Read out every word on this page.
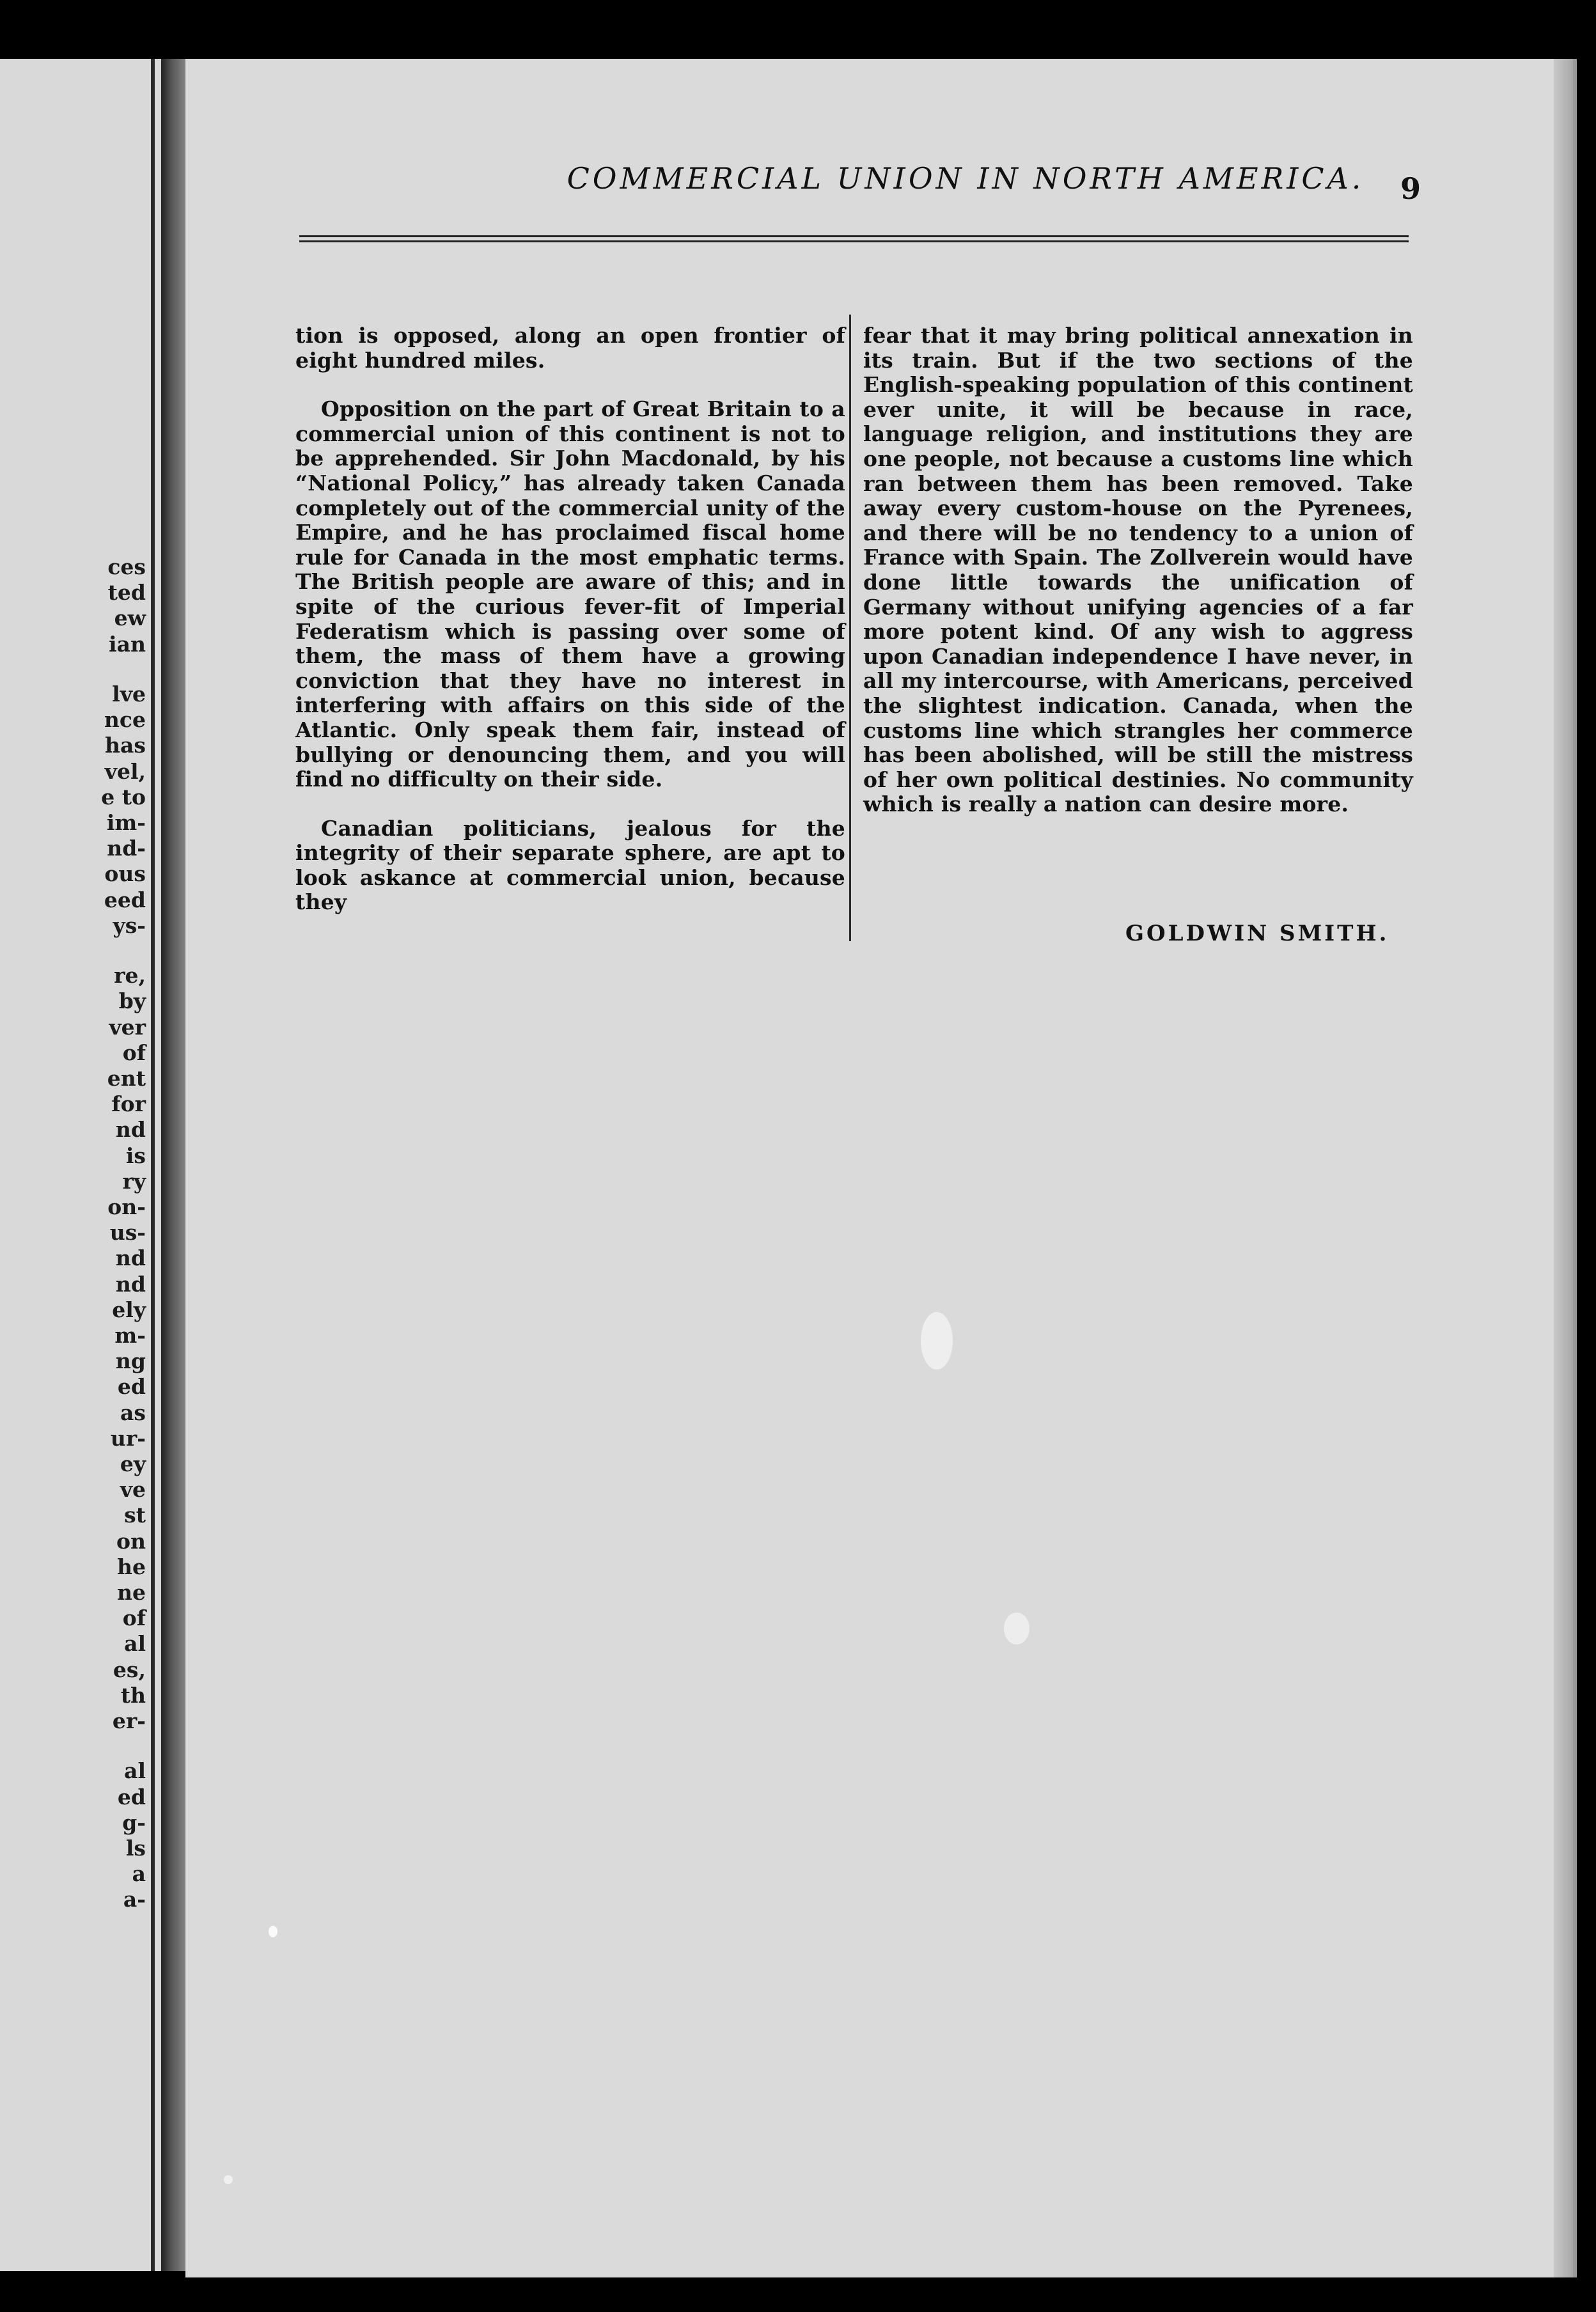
ces
ted
ew
ian
lve
nce
has
vel,
e to
im-
nd-
ous
eed
ys-
re,
by
ver
of
ent
for
nd
is
ry
on-
us-
nd
nd
ely
m-
ng
ed
as
ur-
ey
ve
st
on
he
ne
of
al
es,
th
er-
al
ed
g-
ls
a
a-
COMMERCIAL UNION IN NORTH AMERICA.	9

tion is opposed, along an open frontier of eight hundred miles.

Opposition on the part of Great Britain to a commercial union of this continent is not to be apprehended. Sir John Macdonald, by his “National Policy,” has already taken Canada completely out of the commercial unity of the Empire, and he has proclaimed fiscal home rule for Canada in the most emphatic terms. The British people are aware of this; and in spite of the curious fever-fit of Imperial Federatism which is passing over some of them, the mass of them have a growing conviction that they have no interest in interfering with affairs on this side of the Atlantic. Only speak them fair, instead of bullying or denouncing them, and you will find no difficulty on their side.

Canadian politicians, jealous for the integrity of their separate sphere, are apt to look askance at commercial union, because they

fear that it may bring political annexation in its train. But if the two sections of the English-speaking population of this continent ever unite, it will be because in race, language religion, and institutions they are one people, not because a customs line which ran between them has been removed. Take away every custom-house on the Pyrenees, and there will be no tendency to a union of France with Spain. The Zollverein would have done little towards the unification of Germany without unifying agencies of a far more potent kind. Of any wish to aggress upon Canadian independence I have never, in all my intercourse, with Americans, perceived the slightest indication. Canada, when the customs line which strangles her commerce has been abolished, will be still the mistress of her own political destinies. No community which is really a nation can desire more.

GOLDWIN SMITH.
